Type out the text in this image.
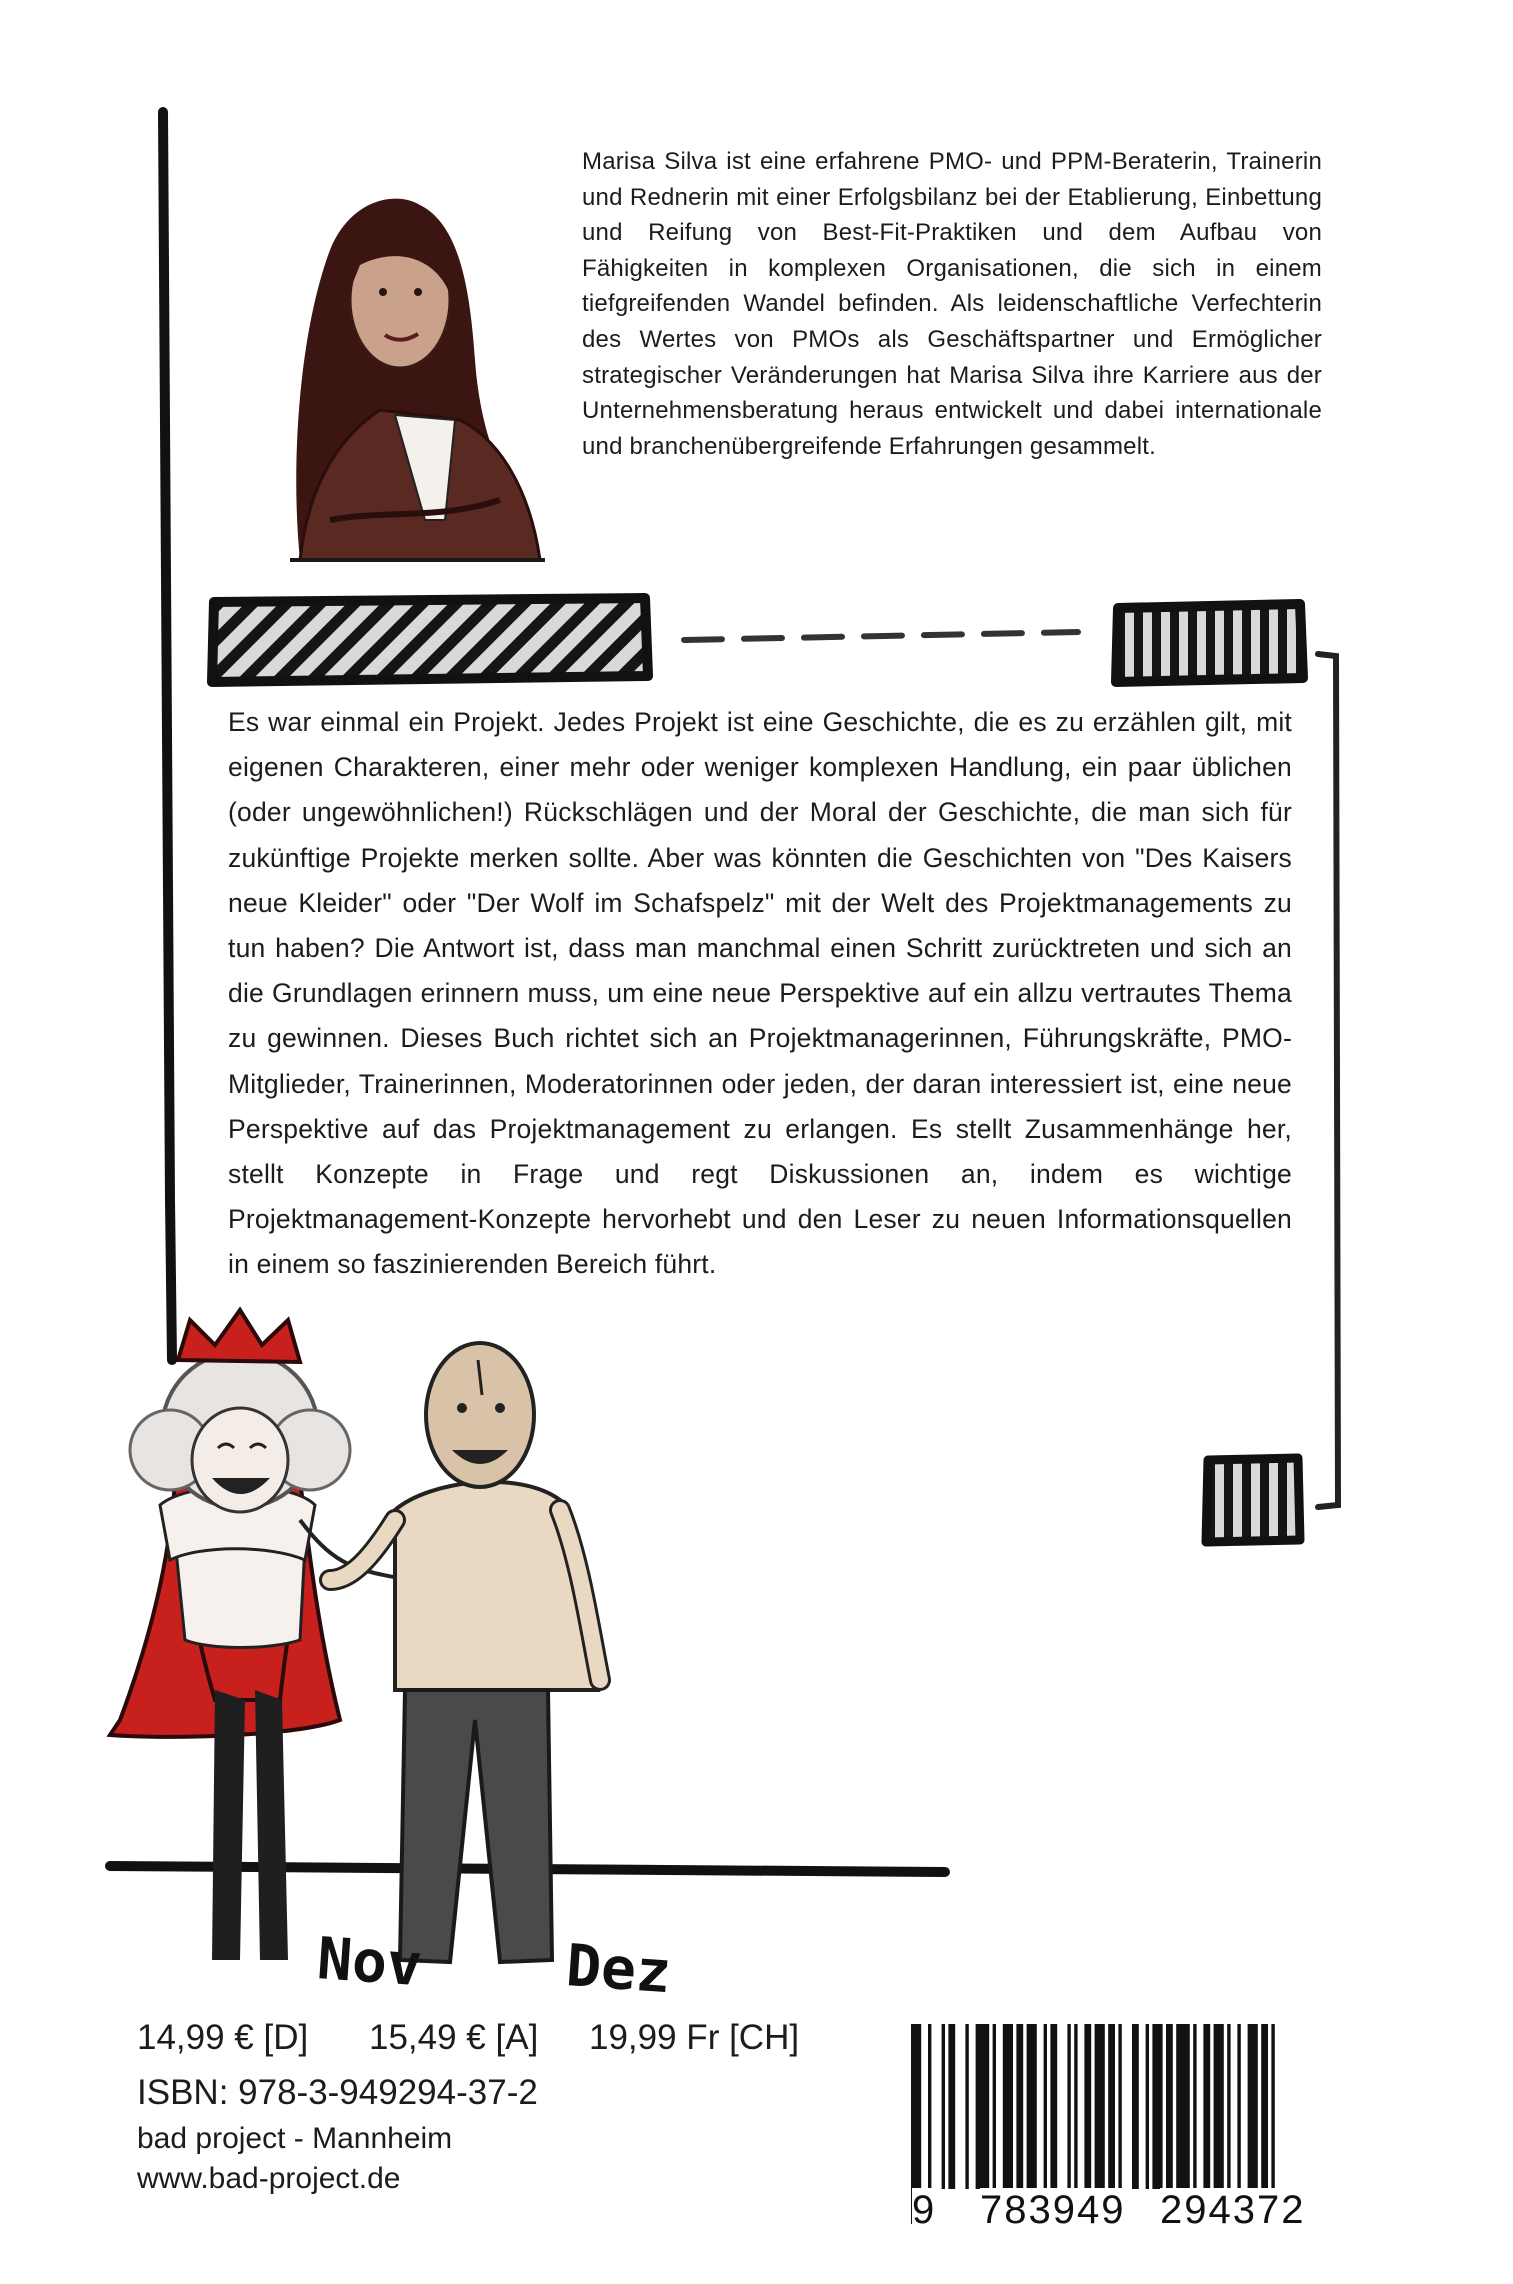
Nov Dez
Marisa Silva ist eine erfahrene PMO- und PPM-Beraterin, Trainerin und Rednerin mit einer Erfolgsbilanz bei der Etablierung, Einbettung und Reifung von Best-Fit-Praktiken und dem Aufbau von Fähigkeiten in komplexen Organisationen, die sich in einem tiefgreifenden Wandel befinden. Als leidenschaftliche Verfechterin des Wertes von PMOs als Geschäftspartner und Ermöglicher strategischer Veränderungen hat Marisa Silva ihre Karriere aus der Unternehmensberatung heraus entwickelt und dabei internationale und branchenübergreifende Erfahrungen gesammelt.
Es war einmal ein Projekt. Jedes Projekt ist eine Geschichte, die es zu erzählen gilt, mit eigenen Charakteren, einer mehr oder weniger komplexen Handlung, ein paar üblichen (oder ungewöhnlichen!) Rückschlägen und der Moral der Geschichte, die man sich für zukünftige Projekte merken sollte. Aber was könnten die Geschichten von "Des Kaisers neue Kleider" oder "Der Wolf im Schafspelz" mit der Welt des Projektmanagements zu tun haben? Die Antwort ist, dass man manchmal einen Schritt zurücktreten und sich an die Grundlagen erinnern muss, um eine neue Perspektive auf ein allzu vertrautes Thema zu gewinnen. Dieses Buch richtet sich an Projektmanagerinnen, Führungskräfte, PMO-Mitglieder, Trainerinnen, Moderatorinnen oder jeden, der daran interessiert ist, eine neue Perspektive auf das Projektmanagement zu erlangen. Es stellt Zusammenhänge her, stellt Konzepte in Frage und regt Diskussionen an, indem es wichtige Projektmanagement-Konzepte hervorhebt und den Leser zu neuen Informationsquellen in einem so faszinierenden Bereich führt.
14,99 € [D] 15,49 € [A] 19,99 Fr [CH]
ISBN: 978-3-949294-37-2
bad project - Mannheim
www.bad-project.de
9 783949 294372
